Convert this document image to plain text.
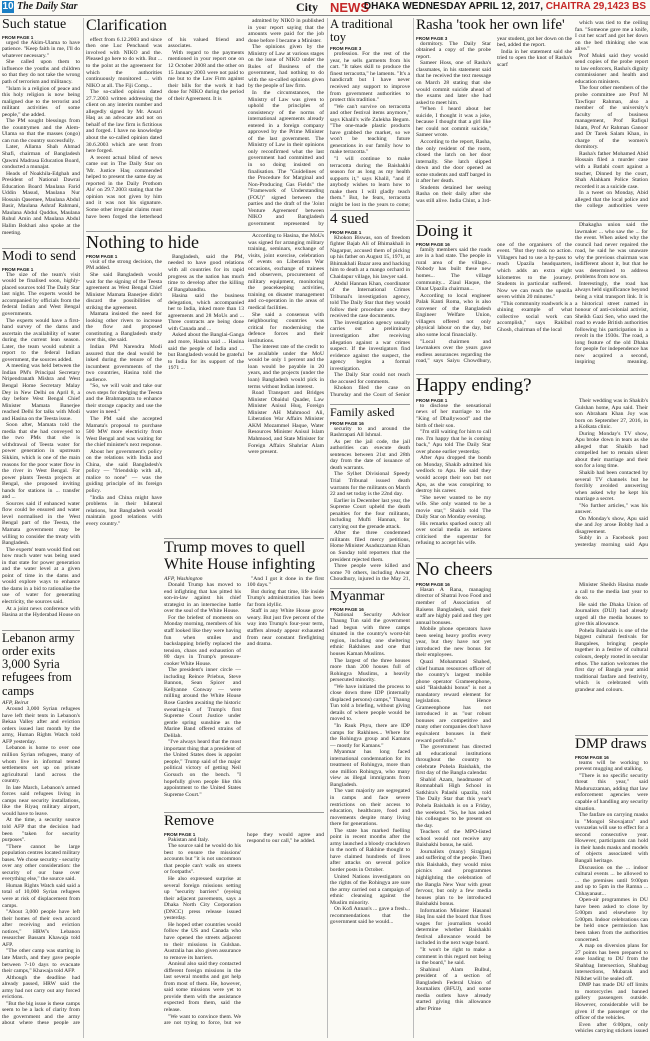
10 The Daily Star	City NEWS
DHAKA WEDNESDAY APRIL 12, 2017, CHAITRA 29,1423 BS
Such statue

FROM PAGE 1

urged the Akim-Ulama to have patience. "Keep faith in me, I'll do whatever necessary."

She called upon them to influence the youths and children so that they do not take the wrong path of terrorism and militancy.

"Islam is a religion of peace and this holy religion is now being maligned due to the terrorist and militant activities of some people," she added.

The PM sought blessings from the countrymen and the Alem-Ulama so that the masses (ongo) can run the country successfully.

Later, Allama Shah Ahmad Shafi, chairman of Bangladesh Qawmi Madrasa Education Board, conducted a munajat.

Heads of Noakhila-Edghah and President of National Dawrai Education Board Maulana Farid Uddin Masud, Maulana Nur Hossain Qasemee, Maulana Abdul Basir, Maulana Ashraf Rahmani, Maulana Abdul Quddus, Maulana Ruhul Amin and Maulana Abdul Halim Bokhari also spoke at the meeting.

Modi to send

FROM PAGE 1

The size of the team's visit would be finalised soon, highly-placed sources told The Daily Star last night. The experts would be accompanied by officials from the federal Indian and West Bengal governments.

The experts would have a first-hand survey of the dams and ascertain the availability of water during the current lean season. Later, the team would submit a report to the federal Indian government, the sources added.

A meeting was held between the Indian PM's Principal Secretary Nripendranath Mishra and West Bengal Home Secretary Malay Dey in New Delhi on April 8, a day before West Bengal Chief Minister Mamata Banerjee reached Delhi for talks with Modi and Hasina on the Teesta issue.

Soon after, Mamata told the media that she had conveyed to the two PMs that she is withdrawal of Teesta water for power generation in upstream Sikkim, which is one of the main reasons for the poor water flow in the river in West Bengal. For power plants Teesta projects at Bengal, she proposed inviting hands for stations in ... transfer and ...

Sources said if enhanced water flow could be ensured and water level normalised in the West Bengal part of the Teesta, the Mamata government may be willing to consider the treaty with Bangladesh.

The experts' team would find out how much water was being used in that state for power generation and the water level at a given point of time in the dams and would explore ways to enhance the dams in a bid to rationalise the use of water for generating electricity, the sources said.

At a joint news conference with Hasina at the Hyderabad House on

Lebanon army order exits 3,000 Syria refugees from camps

AFP, Beirut

Around 3,000 Syrian refugees have left their tents in Lebanon's Bekaa Valley after and eviction orders issued last month by the army, Human Rights Watch told AFP yesterday.

Lebanon is home to over one million Syrian refugees, many of whom live in informal tented settlements set up on private agricultural land across the country.

In late March, Lebanon's armed forces said refugees living in camps near security installations, like the Riyaq military airport, would have to leave.

At the time, a security source told AFP that the decision had been "taken for security purposes".

"There cannot be large population centres located military bases. We chose security - security over any other consideration: the security of our base over everything else," the source said.

Human Rights Watch said said a total of 10,000 Syrian refugees were at risk of displacement from camps.

"About 3,000 people have left their homes of their own accord after receiving and eviction notices," HRW's Lebanon researcher Bassam Khawaja told AFP.

"The other camp was starting in late March, and they gave people between 7-10 days to evacuate their camps," Khawaja told AFP.

Although the deadline had already passed, HRW said the army had not carry out any forced evictions.

"But the big issue is these camps seem to be a lack of clarity from the government and the army about where these people are

Clarification

effect from 6.12.2003 and since then one Luc Penchaud was involved with NIKO and the. Pleased go here to do with. But ... to the point at the agreement for which the authorities continuously monitored ... with NIKO at all. The Fiji Comp...

The so-called opinion dated 27.7.2003 written addressing the client on any interim number and allegedly signed by Mr. Ansari Haq as an advocate and not on behalf of the law firm is fictitious and forged. I have no knowledge about the so-called opinion dated 30.6.2003 which are sent from here forged.

A recent actual blind of news came out in The Daily Star on 'Mr. Justice Haq commended helped to present the same day as reported in the Daily Prothom Alo' on 29.7.2003 stating that the opinion was not given by him and it was not his signature. Some other irregular claims must have been forged the letterhead of his valued friend and associates.

With regard to the payments mentioned in your report one on 12 October 2008 and the other on 15 January 2003 were not paid to me but to the Law Firm against their bills for the work it had done for NIKO during the period of their Agreement. It is

admitted by NIKO in published in your report saying that the amounts were paid for the job done before I became a Minister.

The opinions given by the Ministry of Law at various stages on the issue of NIKO under the Rules of Business of the government, had nothing to do with the so-called opinions given by the people of law firm.

In the circumstances, the Ministry of Law was given to uphold the principles of consistency of the norms of international agreements already entered in a foreign company approved by the Prime Minister of the last government. The Ministry of Law in their opinions only reconfirmed what the last government had committed and in so doing insisted on finalisation. The "Guidelines of the Procedure for Marginal and Non-Producing Gas Fields" the "Framework of Understanding (FOU)" signed between the parties and the draft of the 'Joint Venture Agreement' between NIKO and Bangladesh government represented by

Nothing to hide

FROM PAGE 1

visit of the strong decision, the PM added.

She said Bangladesh would wait for the signing of the Teesta agreement as West Bengal Chief Minister Mamata Banerjee didn't discard the possibilities of striking the agreement.

Mamata insisted the need for looking other rivers to increase the flow and proposed constituting a Bangladesh study over this, she said.

Indian PM Narendra Modi assured that the deal would be inked during the tenure of the incumbent governments of the two countries, Hasina told the audience.

"So, we will wait and take our own steps for dredging the Teesta and the Brahmaputra to enhance their storage capacity and use the water in need."

The PM said she accepted Mamata's proposal to purchase 500 MW more electricity from West Bengal and was waiting for the chief minister's next response.

About her government's policy on the relations with India and China, she said Bangladesh's policy — "friendship with all, malice to none" — was the guiding principle of its foreign policy.

"India and China might have problems in their bilateral relations, but Bangladesh would maintain good relations with every country."

Bangladesh, said the PM, needed to have good relations with all countries for its rapid progress as the nation has much time to develop after the killing of Bangabandhu.

Hasina said the business delegation, which accompanied her to India, inked more than 13 agreements and 28 MoUs and ... Three contracts are being done with Canada and ...

Asked about the Banglai-Ganga and more, Hasina said ... Hasina said the people of India and ... but Bangladesh would be grateful to India for its support of the 1971 ...

According to Hasina, the MoUs was signed for arranging military training, seminars, exchange of visits, joint exercise, celebration of events on Liberation War occasions, exchange of trainees and observers, procurement of military equipment, monitoring the peacekeeping activities, training on disaster management and co-operation in the areas of medical facilities.

She said a consensus with neighbouring countries was critical for modernising the defence forces and their institutions.

The interest rate of the credit to be available under the MoU would be only 1 percent and the loan would be payable in 20 years, and the projects (under the loan) Bangladesh would pick in terms without Indian interest.

Road Transport and Bridges Minister Obaidul Quader, Law Minister Anisul Huq, Foreign Minister AH Mahmood Ali, Liberation War Affairs Minister AKM Mozammel Haque, Water Resources Minister Anisul Islam Mahmood, and State Minister for Foreign Affairs Shahriar Alam were present.

Trump moves to quell White House infighting

AFP, Washington

Donald Trump has moved to end infighting that has pitted his son-in-law against his chief strategist in an internecine battle over the soul of the White House.

For the briefest of moments on Monday morning, members of his staff looked like they were having fun when smiles and backslapping briefly replaced the tension, chaos and exhaustion of 80 days in Trump's pressure-cooker White House.

The president's inner circle — including Reince Priebus, Steve Bannon, Sean Spicer and Kellyanne Conway — were milling around the White House Rose Garden awaiting the historic swearing-in of Trump's first Supreme Court Justice under gentle spring sunshine as the Marine Band offered strains of Delilah.

"I've always heard that the most important thing that a president of the United States does is appoint people," Trump said of the major political victory of getting Neil Gorsuch on the bench. "I hopefully given people like this appointment to the United States Supreme Court."

"And I got it done in the first 100 days."

But during that time, life inside Trump's administration has been far from idyllic.

Staff in any White House grow weary. But just five percent of the way into Trump's four-year term, staffers already appear exhausted from near constant firefighting and drama.

Remove

FROM PAGE 1

Pakistan and Italy.

The source said he would do his best to ensure the missions' accounts but "it is not uncommon that people can't walk on streets or footpaths".

He also expressed surprise at several foreign missions setting up "security barriers" (eyeing their adjacent pavements, says a Dhaka North City Corporation (DNCC) press release issued yesterday.

He hoped other countries would follow the US and Canada who have opened the streets adjacent to their missions in Gulshan. Australia has also given assurance to remove its barriers.

Annisul also said they contacted different foreign missions in the last several months and got help from most of them. He, however, said some missions were yet to provide them with the assistance expected from them, said the release.

"We want to convince them. We are not trying to force, but we hope they would agree and respond to our call," he added.

A traditional toy

FROM PAGE 3

profession. For the rest of the year, he sells garments from his cart. "It takes skill to produce the finest terracotta," he laments. "It's a handicraft but I have never received any support to improve from government authorities to protect this tradition."

"We can't survive on terracotta and other festival items anymore," says Khalil's wife Zulekha Begum. "The one-made plastic products have grabbed the market, so we won't be teaching future generations in our family how to make terracotta."

"I will continue to make terracotta during the Baishakhi season for as long as my health supports it," says Khalil, "and if anybody wishes to learn how to make them I will gladly teach them." But, he fears, terracotta might be lost in the years to come;

4 sued

FROM PAGE 1

Khokon Biswas, son of freedom fighter Bajab Ali of Bhimakhali in Nagarpur, accused them of picking up his father on August 15, 1971, at Bhimakhali Bazar area and hacking him to death at a mango orchard in Chaidapur village, his lawyer said.

Abdul Hannan Khan, coordinator of the International Crimes Tribunal's investigation agency, told The Daily Star that they would follow their procedure once they received the case documents.

The investigation agency usually carries out a preliminary investigation after receiving allegation against a war crimes suspect. If the investigators find evidence against the suspect, the agency begins a formal investigation.

The Daily Star could not reach the accused for comments.

Khokon filed the case on Thursday and the Court of Senior

Family asked

FROM PAGE 16

security to and around the Rashtrapati All Ishmal.

As per the jail code, the jail authorities can execute death sentences between 21st and 28th day from the date of issuance of death warrants.

The Sylhet Divisional Speedy Trial Tribunal issued death warrants for the militants on March 22 and set today is the 22nd day.

Earlier in December last year, the Supreme Court upheld the death penalties for the four militants, including Mufti Hannan, for carrying out the grenade attack.

After the three condemned militants filed mercy petitions, Home Minister Asaduzzaman Khan on Sunday told reporters that the president rejected them.

Three people were killed and some 70 others, including Anwar Choudhury, injured in the May 21,

Myanmar

FROM PAGE 16

National Security Advisor Thaung Tun said the government had begun with three camps situated in the country's worst-hit region, including one sheltering ethnic Rakhines and one that houses Kaman Muslims.

The largest of the three houses more than 200 houses full of Rohingya Muslims, a heavily persecuted minority.

"We have initiated the process to close down three IDP (internally displaced persons) camps," Thaung Tun told a briefing, without giving details of where people would be moved to.

"In Rauk Phyu, there are IDP camps for Rakhines... Where for the Rohingya group and Kamans — mostly for Kamans."

Myanmar has long faced international condemnation for its treatment of Rohingya, more than one million Rohingya, who many view as illegal immigrants from Bangladesh.

The vast majority are segregated in camps and face severe restrictions on their access to education, healthcare, food and movements despite many living there for generations.

The state has marked fuelling point in recent months after the army launched a bloody crackdown in the north of Rakhine thought to have claimed hundreds of lives after attacks on several police border posts in October.

United Nations investigators on the rights of the Rohingya are sure the army carried out a campaign of ethnic cleansing against the Muslim minority.

On Kofi Annan's ... gave a fresh... recommendations that the government said he would...

Rasha 'took her own life'

FROM PAGE 3

dormitory. The Daily Star obtained a copy of the probe report.

Sameer Hoss, one of Rasha's classmates, in his statement said that he received the text message on March 28 stating that she would commit suicide ahead of the exams and later she had asked to meet him.

"When I heard about her suicide, I thought it was a joke, because I thought that a girl like her could not commit suicide," Sameer wrote.

According to the report, Rasha, the only resident of the room, closed the latch on her door internally. She latch slipped down and the door opened as some students and staff barged in it after her death.

Students detained her seeing Rasha on their daily after she was still alive. India Chint, a 3rd-year student, got her down on the bed, added the report.

India in her statement said she tried to open the knot of Rasha's scarf

which was tied to the ceiling fan. "Someone gave me a knife, I cut her scarf and got her down on the bed thinking she was alive."

Prof Mukti said they would send copies of the probe report to law enforcers, Rasha's dignity commissioner and health and education ministers.

The four other members of the probe committee are Prof M Tawfiqur Rahman, also a member of the university's faculty of business management, Prof Rafiqul Islam, Prof Ar Rahman Ganoor and Dr Tarek Salam Khan, in charge of the women's dormitory.

Rasha's father Mohamed Abid Hossain filed a murder case with a Batlabi court against a teacher, Dinned by the court, Shah Alahkam Police Station recorded it as a suicide case.

In a tweet on Monday, Abid alleged that the local police and the college authorities were

Doing it

FROM PAGE 16

family members said the roads are in a bad state. The people in rural area of the village... Nobody has built these new homes... The village community... Ziaul Haque, the Dinat Upazila chairman...

According to local engineer Palak Kanti Roma, who is also convener of the Bangladesh Engineer Welfare Union, villagers offered not only physical labour on the day, but also some local financially.

"Local chairmen and lawmakers over the years gave endless assurances regarding the road," says Saiyu Chowdhury, one of the organisers of the event. "But they took no action. Villagers had to use a by-pass to reach Upazila headquarters, which adds an extra eight kilometres to the journey. Students in particular suffered. Now we can reach the upazila seven within 20 minutes."

"This community roadwork is a shining example of what collective social work can accomplish," says Rakibul Ghosh, chairman of the local

Dhakagha union said the lawmaker ... who saw the ... for the event. When asked why the council had never repaired the road, he said he was unaware why the previous chairman was indifferent about it, but that he was determined to address problems from now on.

Interestingly, the road has always held significance beyond being a vital transport link. It is a historical street named in honour of anti-colonial activist, Sheikh Gazi Sen, who used the road to evade British authorities following his participation in a revolt in the 1930s. The road, a long feature of the old Dhaka for people for independence has now acquired a second, inspiring meaning.

Happy ending?

FROM PAGE 1

to disclose the sensational news of her marriage to the "King of Dhallywood" and the birth of their son.

"I'm still waiting for him to call me. I'm happy that he is coming back," Apu told The Daily Star over phone earlier yesterday.

After Apu dropped the bomb on Monday, Shakib admitted his wedlock to Apu. He said they would accept their son but not Apu, as she was conspiring to destroy his career.

"She never wanted to be my wife. She only wanted to be a movie star," Shakib told The Daily Star on Monday evening.

His remarks sparked outcry all over social media as netizens criticised the superstar for refusing to accept his wife.

Their wedding was in Shakib's Gulshan home, Apu said. Their son Abraham Khan Joy was born on September 27, 2016, in a Kolkata clinic.

During Monday's TV show, Apu broke down in tears as she alleged that Shakib had compelled her to remain silent about their marriage and their son for a long time.

Shakib had been contacted by several TV channels but he forcibly avoided answering when asked why he kept his marriage a secret.

"No further articles," was his answer.

On Monday's show, Apu said she and Joy arose Bobby had a disagreement.

Subly in a Facebook post yesterday morning said Apu

No cheers

FROM PAGE 16

Hasan A Rana, managing director of Shatrai Ivoo Food and member of Association of Raisens Bangladesh, said their staff are highly paid and they get annual bonuses.

Mobile phone operators have been seeing heavy profits every year, but they have not yet introduced the new bonus for their employees.

Quazi Mohammad Shahed, chief human resources officer of the country's largest mobile phone operator Grameenphone, said "Baishakhi bonus" is not a mandatory reward element for legislation. Hence Grameenphone has not introduced it as "our robust bonuses are competitive and many other companies don't have equivalent bonuses in their reward portfolio."

The government has directed all educational institutions throughout the country to celebrate Pohela Baishakh, the first day of the Bangla calendar.

Shahid Azam, headmaster of Romnabhali High School in Satkhira's Palashi upazila, told The Daily Star that this year's Pohela Baishakh is on a Friday, the weekend. "So, he has asked his colleagues to be present on the day.

Teachers of the MPO-listed school would not receive any Baishakhi bonus, he said.

Journalists (many) Sirajganj and suffering of the people. Then this Baishakh, they would miss picnics and programmes highlighting the celebration of the Bangla New Year with great fervour, but only a few media houses plan to be introduced Baishakhi bonus.

Information Minister Hasanul Haq Inu said the board that fixes wages for journalists would determine whether Baishakhi festival allowance would be included in the next wage board.

"It won't be right to make a comment in this regard not being in the board," he said.

Shahinul Alam Bulbul, president of a section of Bangladesh Federal Union of Journalists (BFUJ), and some media outlets have already started giving this allowance after Prime

Minister Sheikh Hasina made a call to the media last year to do so.

He said the Dhaka Union of Journalists (DUJ) had already urged all the media houses to give this allowance.

Pohela Baishakh is one of the biggest cultural festivals for Bangalees, bringing people together in a festive of cultural colours, deeply rooted in secular ethos. The nation welcomes the first day of Bangla year amid traditional fanfare and festivity, which is celebrated with grandeur and colours.

DMP draws

FROM PAGE 16

teams will be working to prevent mugging and stalking.

"There is no specific security threat this year," said Maduruzzaman, adding that law enforcement agencies were capable of handling any security situation.

The fanfare on carrying masks in "Mongol Shovajatra" and vuvuzelas will use to effect for a second consecutive year. However, participants can hold in their hands masks and models of objects associated with Bangali heritage.

Discussion on the ... indoor cultural events ... be allowed to ... the premises until 9:00pm and up to 5pm in the Ramna ... Chhayanaut...

Open-air programmes in DU have been asked to close by 5:00pm and elsewhere by 5:00pm. Indoor celebrations can be held once permission has been taken from the authorities concerned.

A map on diversion plans for 27 points has been prepared to ease loading to DU from the Shahbag Intersection, Shahbag intersections, Mubarak and Nilkhet will be sealed off.

DMP has made DU off limits to motorcycles and banned gallery passengers outside. However, considerable will be given if the passenger or the officer of the vehicles.

Even after 6:00pm, only vehicles carrying stickers issued
